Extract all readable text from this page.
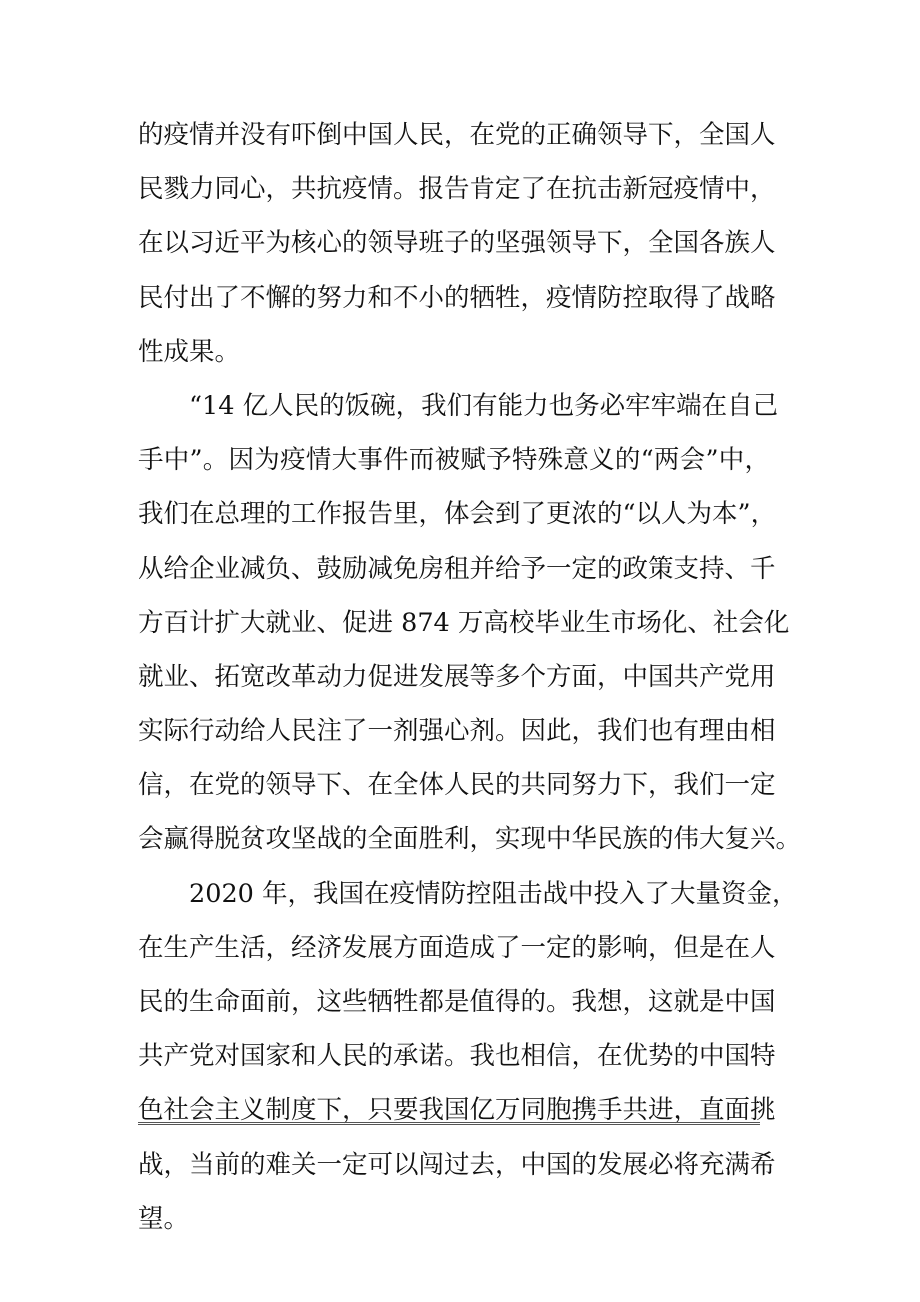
的疫情并没有吓倒中国人民，在党的正确领导下，全国人
民戮力同心，共抗疫情。报告肯定了在抗击新冠疫情中，
在以习近平为核心的领导班子的坚强领导下，全国各族人
民付出了不懈的努力和不小的牺牲，疫情防控取得了战略
性成果。
“14 亿人民的饭碗，我们有能力也务必牢牢端在自己
手中”。因为疫情大事件而被赋予特殊意义的“两会”中，
我们在总理的工作报告里，体会到了更浓的“以人为本”，
从给企业减负、鼓励减免房租并给予一定的政策支持、千
方百计扩大就业、促进 874 万高校毕业生市场化、社会化
就业、拓宽改革动力促进发展等多个方面，中国共产党用
实际行动给人民注了一剂强心剂。因此，我们也有理由相
信，在党的领导下、在全体人民的共同努力下，我们一定
会赢得脱贫攻坚战的全面胜利，实现中华民族的伟大复兴。
2020 年，我国在疫情防控阻击战中投入了大量资金，
在生产生活，经济发展方面造成了一定的影响，但是在人
民的生命面前，这些牺牲都是值得的。我想，这就是中国
共产党对国家和人民的承诺。我也相信，在优势的中国特
色社会主义制度下，只要我国亿万同胞携手共进，直面挑
战，当前的难关一定可以闯过去，中国的发展必将充满希
望。
